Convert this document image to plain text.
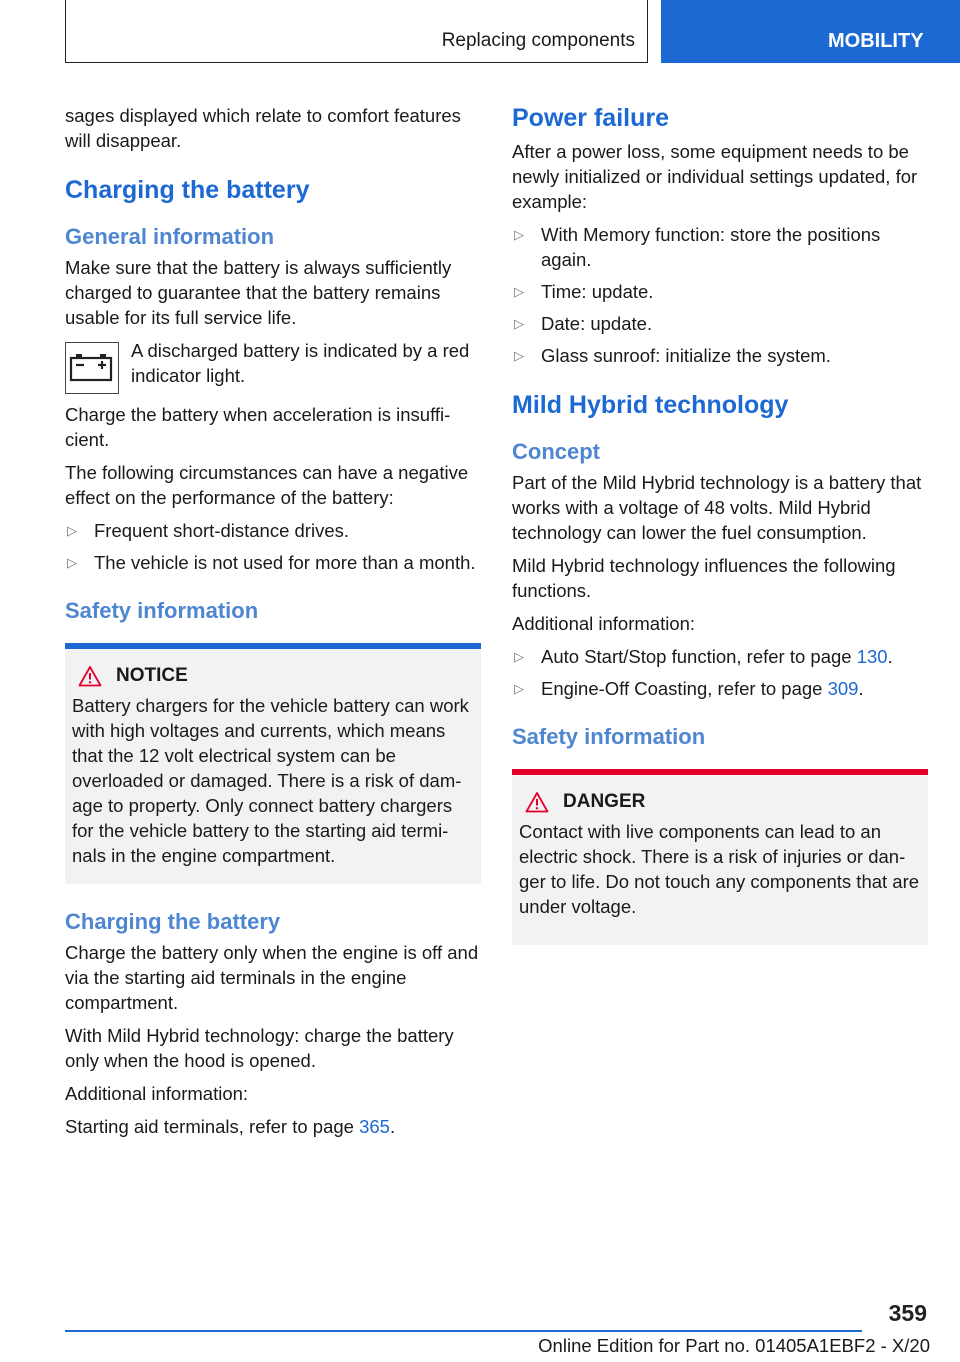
Replacing components	MOBILITY

sages displayed which relate to comfort features will disappear.

Charging the battery
General information

Make sure that the battery is always sufficiently charged to guarantee that the battery remains usable for its full service life.

A discharged battery is indicated by a red indicator light.

Charge the battery when acceleration is insuffi-cient.

The following circumstances can have a negative effect on the performance of the battery:

▷ Frequent short-distance drives.
▷ The vehicle is not used for more than a month.
Safety information
NOTICE

Battery chargers for the vehicle battery can work with high voltages and currents, which means that the 12 volt electrical system can be overloaded or damaged. There is a risk of dam-age to property. Only connect battery chargers for the vehicle battery to the starting aid termi-nals in the engine compartment.

Charging the battery

Charge the battery only when the engine is off and via the starting aid terminals in the engine compartment.

With Mild Hybrid technology: charge the battery only when the hood is opened.

Additional information:

Starting aid terminals, refer to page 365.

Power failure

After a power loss, some equipment needs to be newly initialized or individual settings updated, for example:

▷ With Memory function: store the positions again.
▷ Time: update.
▷ Date: update.
▷ Glass sunroof: initialize the system.
Mild Hybrid technology
Concept

Part of the Mild Hybrid technology is a battery that works with a voltage of 48 volts. Mild Hybrid technology can lower the fuel consumption.

Mild Hybrid technology influences the following functions.

Additional information:

▷ Auto Start/Stop function, refer to page 130.
▷ Engine-Off Coasting, refer to page 309.
Safety information
DANGER

Contact with live components can lead to an electric shock. There is a risk of injuries or dan-ger to life. Do not touch any components that are under voltage.

359
Online Edition for Part no. 01405A1EBF2 - X/20
